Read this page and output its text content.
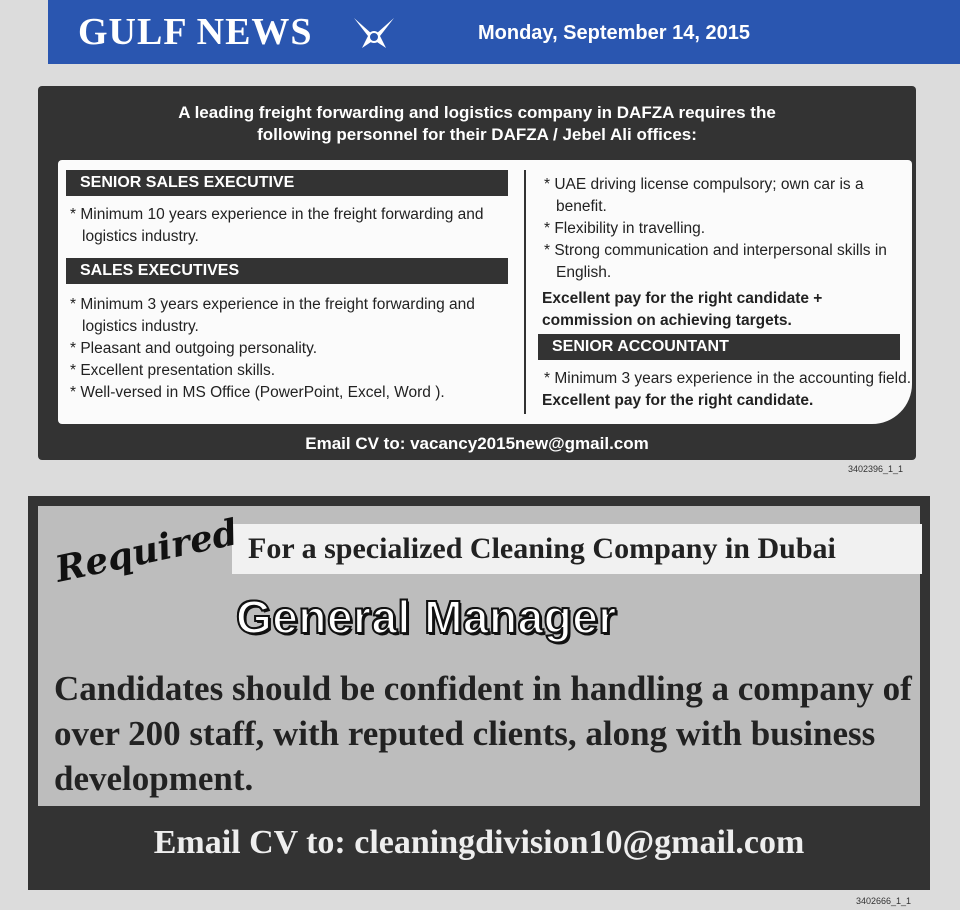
GULF NEWS	Monday, September 14, 2015
A leading freight forwarding and logistics company in DAFZA requires the
following personnel for their DAFZA / Jebel Ali offices:
SENIOR SALES EXECUTIVE

* Minimum 10 years experience in the freight forwarding and logistics industry.

SALES EXECUTIVES

* Minimum 3 years experience in the freight forwarding and logistics industry.

* Pleasant and outgoing personality.

* Excellent presentation skills.

* Well-versed in MS Office (PowerPoint, Excel, Word ).

* UAE driving license compulsory; own car is a benefit.

* Flexibility in travelling.

* Strong communication and interpersonal skills in English.

Excellent pay for the right candidate + commission on achieving targets.

SENIOR ACCOUNTANT

* Minimum 3 years experience in the accounting field.

Excellent pay for the right candidate.

Email CV to: vacancy2015new@gmail.com
3402396_1_1
For a specialized Cleaning Company in Dubai
Required
General Manager
Candidates should be confident in handling a company of over 200 staff, with reputed clients, along with business development.
Email CV to: cleaningdivision10@gmail.com
3402666_1_1
